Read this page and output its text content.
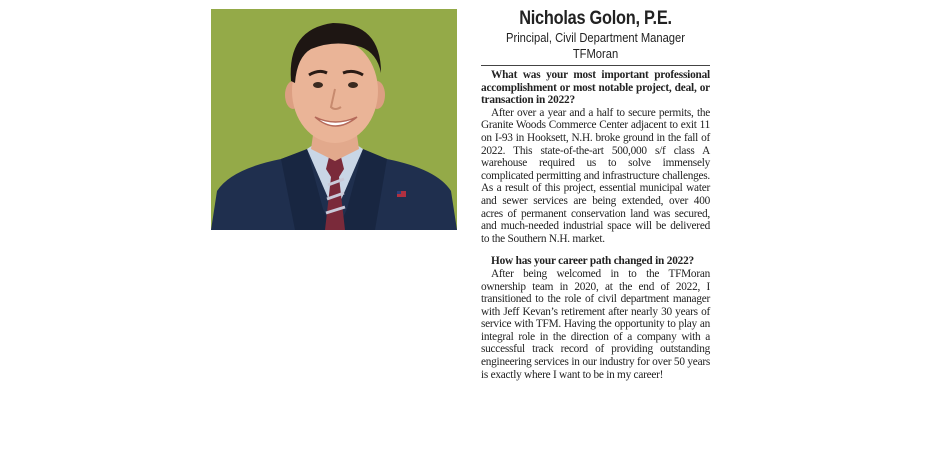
Nicholas Golon, P.E.

Principal, Civil Department Manager

TFMoran

What was your most important professional accomplishment or most notable project, deal, or transaction in 2022?

After over a year and a half to secure permits, the Granite Woods Commerce Center adjacent to exit 11 on I-93 in Hooksett, N.H. broke ground in the fall of 2022. This state-of-the-art 500,000 s/f class A warehouse required us to solve immensely complicated permitting and infrastructure challenges. As a result of this project, essential municipal water and sewer services are being extended, over 400 acres of permanent conservation land was secured, and much-needed industrial space will be delivered to the Southern N.H. market.

How has your career path changed in 2022?

After being welcomed in to the TFMoran ownership team in 2020, at the end of 2022, I transitioned to the role of civil department manager with Jeff Kevan’s retirement after nearly 30 years of service with TFM. Having the opportunity to play an integral role in the direction of a company with a successful track record of providing outstanding engineering services in our industry for over 50 years is exactly where I want to be in my career!
